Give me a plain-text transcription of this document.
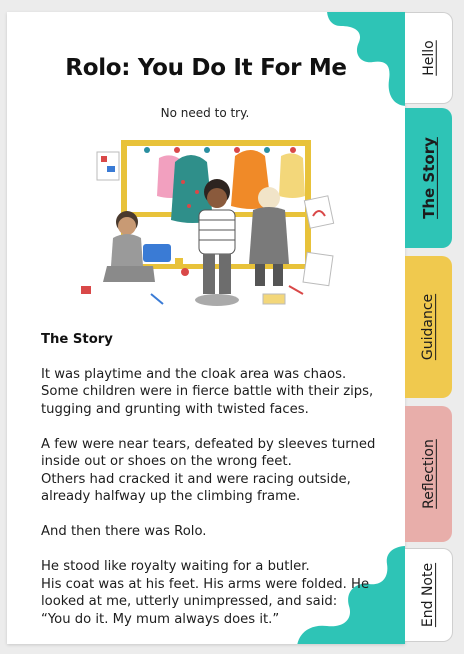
Rolo: You Do It For Me
No need to try.
The Story

It was playtime and the cloak area was chaos.
Some children were in fierce battle with their zips, tugging and grunting with twisted faces.

A few were near tears, defeated by sleeves turned inside out or shoes on the wrong feet.
Others had cracked it and were racing outside, already halfway up the climbing frame.

And then there was Rolo.

He stood like royalty waiting for a butler.
His coat was at his feet. His arms were folded. He looked at me, utterly unimpressed, and said:
“You do it. My mum always does it.”

Hello
The Story
Guidance
Reflection
End Note
